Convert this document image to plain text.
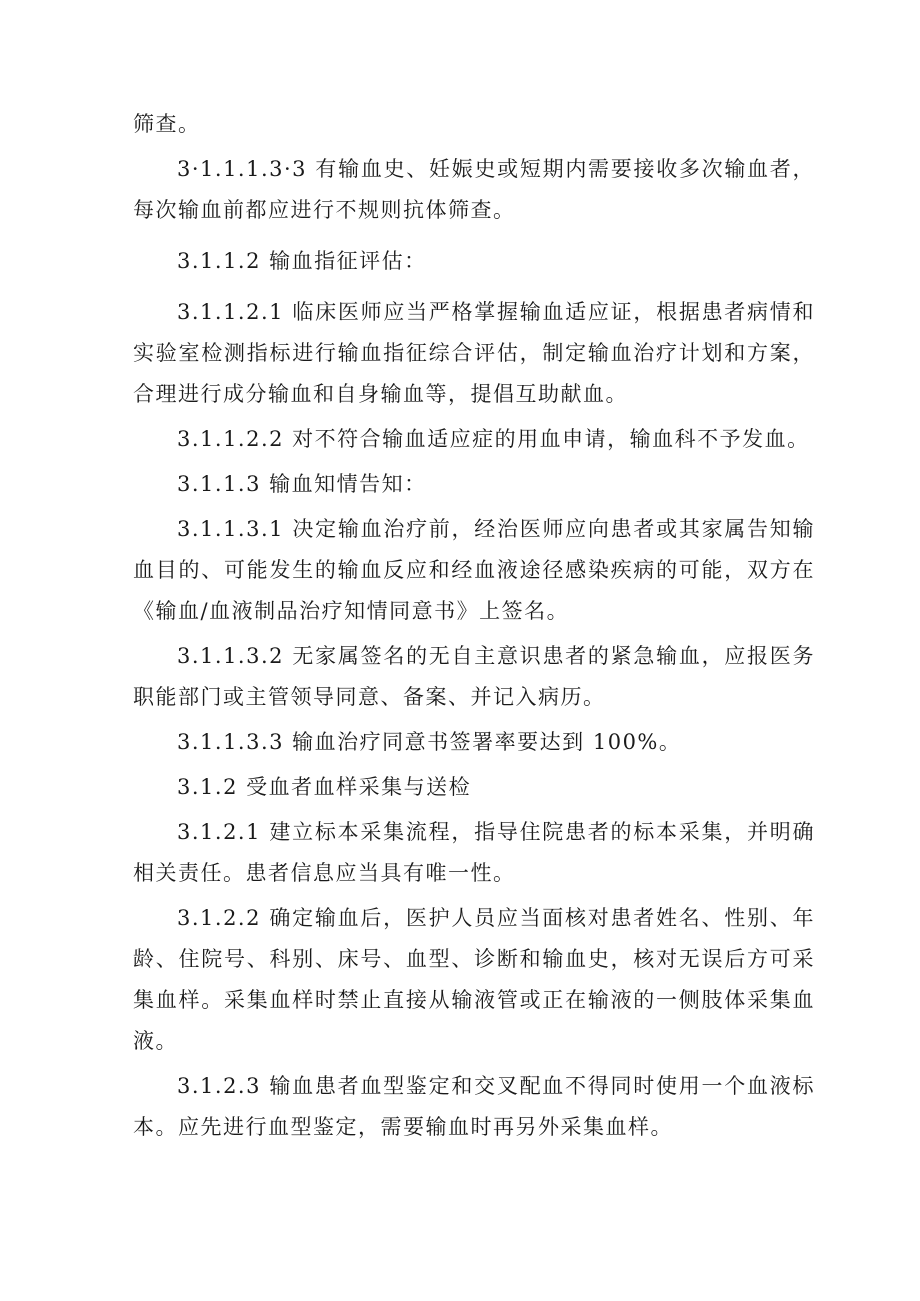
筛查。

3·1.1.1.3·3 有输血史、妊娠史或短期内需要接收多次输血者，每次输血前都应进行不规则抗体筛查。

3.1.1.2 输血指征评估：

3.1.1.2.1 临床医师应当严格掌握输血适应证，根据患者病情和实验室检测指标进行输血指征综合评估，制定输血治疗计划和方案，合理进行成分输血和自身输血等，提倡互助献血。

3.1.1.2.2 对不符合输血适应症的用血申请，输血科不予发血。

3.1.1.3 输血知情告知：

3.1.1.3.1 决定输血治疗前，经治医师应向患者或其家属告知输血目的、可能发生的输血反应和经血液途径感染疾病的可能，双方在《输血/血液制品治疗知情同意书》上签名。

3.1.1.3.2 无家属签名的无自主意识患者的紧急输血，应报医务职能部门或主管领导同意、备案、并记入病历。

3.1.1.3.3 输血治疗同意书签署率要达到 100%。

3.1.2 受血者血样采集与送检

3.1.2.1 建立标本采集流程，指导住院患者的标本采集，并明确相关责任。患者信息应当具有唯一性。

3.1.2.2 确定输血后，医护人员应当面核对患者姓名、性别、年龄、住院号、科别、床号、血型、诊断和输血史，核对无误后方可采集血样。采集血样时禁止直接从输液管或正在输液的一侧肢体采集血液。

3.1.2.3 输血患者血型鉴定和交叉配血不得同时使用一个血液标本。应先进行血型鉴定，需要输血时再另外采集血样。
